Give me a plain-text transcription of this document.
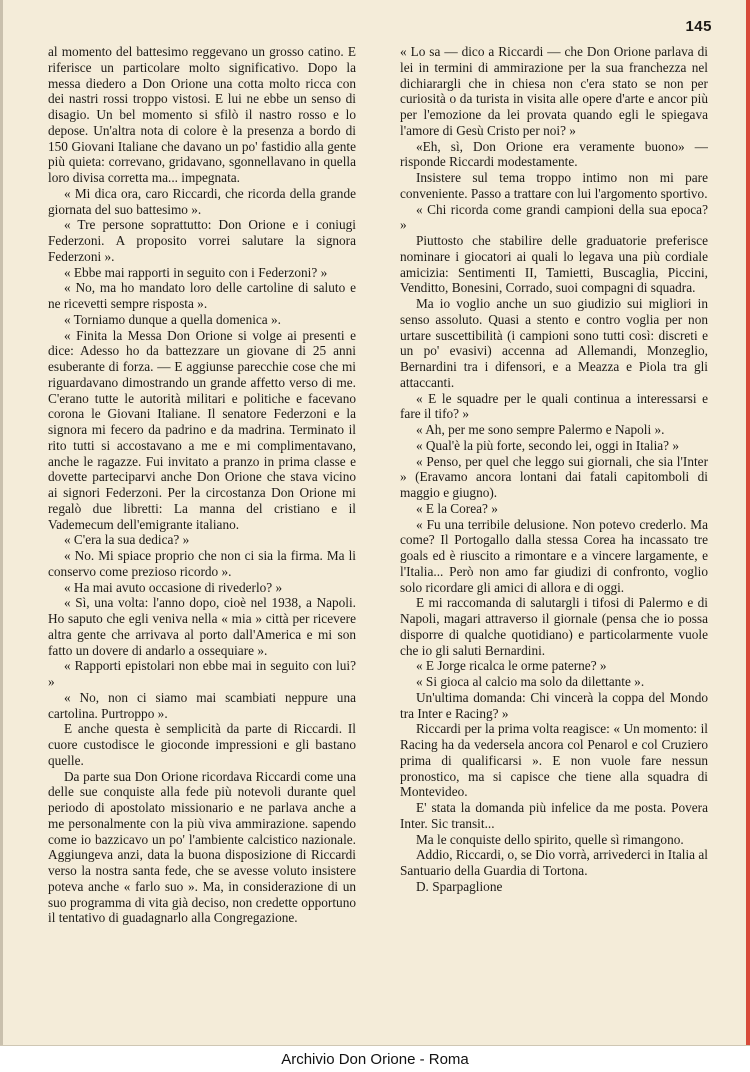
145

al momento del battesimo reggevano un grosso catino. E riferisce un particolare molto significativo. Dopo la messa diedero a Don Orione una cotta molto ricca con dei nastri rossi troppo vistosi. E lui ne ebbe un senso di disagio. Un bel momento si sfilò il nastro rosso e lo depose. Un'altra nota di colore è la presenza a bordo di 150 Giovani Italiane che davano un po' fastidio alla gente più quieta: correvano, gridavano, sgonnellavano in quella loro divisa corretta ma... impegnata.

« Mi dica ora, caro Riccardi, che ricorda della grande giornata del suo battesimo ».

« Tre persone soprattutto: Don Orione e i coniugi Federzoni. A proposito vorrei salutare la signora Federzoni ».

« Ebbe mai rapporti in seguito con i Federzoni? »

« No, ma ho mandato loro delle cartoline di saluto e ne ricevetti sempre risposta ».

« Torniamo dunque a quella domenica ».

« Finita la Messa Don Orione si volge ai presenti e dice: Adesso ho da battezzare un giovane di 25 anni esuberante di forza. — E aggiunse parecchie cose che mi riguardavano dimostrando un grande affetto verso di me. C'erano tutte le autorità militari e politiche e facevano corona le Giovani Italiane. Il senatore Federzoni e la signora mi fecero da padrino e da madrina. Terminato il rito tutti si accostavano a me e mi complimentavano, anche le ragazze. Fui invitato a pranzo in prima classe e dovette parteciparvi anche Don Orione che stava vicino ai signori Federzoni. Per la circostanza Don Orione mi regalò due libretti: La manna del cristiano e il Vademecum dell'emigrante italiano.

« C'era la sua dedica? »

« No. Mi spiace proprio che non ci sia la firma. Ma li conservo come prezioso ricordo ».

« Ha mai avuto occasione di rivederlo? »

« Sì, una volta: l'anno dopo, cioè nel 1938, a Napoli. Ho saputo che egli veniva nella « mia » città per ricevere altra gente che arrivava al porto dall'America e mi son fatto un dovere di andarlo a ossequiare ».

« Rapporti epistolari non ebbe mai in seguito con lui? »

« No, non ci siamo mai scambiati neppure una cartolina. Purtroppo ».

E anche questa è semplicità da parte di Riccardi. Il cuore custodisce le gioconde impressioni e gli bastano quelle.

Da parte sua Don Orione ricordava Riccardi come una delle sue conquiste alla fede più notevoli durante quel periodo di apostolato missionario e ne parlava anche a me personalmente con la più viva ammirazione. sapendo come io bazzicavo un po' l'ambiente calcistico nazionale. Aggiungeva anzi, data la buona disposizione di Riccardi verso la nostra santa fede, che se avesse voluto insistere poteva anche « farlo suo ». Ma, in considerazione di un suo programma di vita già deciso, non credette opportuno il tentativo di guadagnarlo alla Congregazione.

« Lo sa — dico a Riccardi — che Don Orione parlava di lei in termini di ammirazione per la sua franchezza nel dichiarargli che in chiesa non c'era stato se non per curiosità o da turista in visita alle opere d'arte e ancor più per l'emozione da lei provata quando egli le spiegava l'amore di Gesù Cristo per noi? »

«Eh, sì, Don Orione era veramente buono» — risponde Riccardi modestamente.

Insistere sul tema troppo intimo non mi pare conveniente. Passo a trattare con lui l'argomento sportivo.

« Chi ricorda come grandi campioni della sua epoca? »

Piuttosto che stabilire delle graduatorie preferisce nominare i giocatori ai quali lo legava una più cordiale amicizia: Sentimenti II, Tamietti, Buscaglia, Piccini, Venditto, Bonesini, Corrado, suoi compagni di squadra.

Ma io voglio anche un suo giudizio sui migliori in senso assoluto. Quasi a stento e contro voglia per non urtare suscettibilità (i campioni sono tutti così: discreti e un po' evasivi) accenna ad Allemandi, Monzeglio, Bernardini tra i difensori, e a Meazza e Piola tra gli attaccanti.

« E le squadre per le quali continua a interessarsi e fare il tifo? »

« Ah, per me sono sempre Palermo e Napoli ».

« Qual'è la più forte, secondo lei, oggi in Italia? »

« Penso, per quel che leggo sui giornali, che sia l'Inter » (Eravamo ancora lontani dai fatali capitomboli di maggio e giugno).

« E la Corea? »

« Fu una terribile delusione. Non potevo crederlo. Ma come? Il Portogallo dalla stessa Corea ha incassato tre goals ed è riuscito a rimontare e a vincere largamente, e l'Italia... Però non amo far giudizi di confronto, voglio solo ricordare gli amici di allora e di oggi.

E mi raccomanda di salutargli i tifosi di Palermo e di Napoli, magari attraverso il giornale (pensa che io possa disporre di qualche quotidiano) e particolarmente vuole che io gli saluti Bernardini.

« E Jorge ricalca le orme paterne? »

« Si gioca al calcio ma solo da dilettante ».

Un'ultima domanda: Chi vincerà la coppa del Mondo tra Inter e Racing? »

Riccardi per la prima volta reagisce: « Un momento: il Racing ha da vedersela ancora col Penarol e col Cruziero prima di qualificarsi ». E non vuole fare nessun pronostico, ma si capisce che tiene alla squadra di Montevideo.

E' stata la domanda più infelice da me posta. Povera Inter. Sic transit...

Ma le conquiste dello spirito, quelle sì rimangono.

Addio, Riccardi, o, se Dio vorrà, arrivederci in Italia al Santuario della Guardia di Tortona.

D. Sparpaglione

Archivio Don Orione - Roma
